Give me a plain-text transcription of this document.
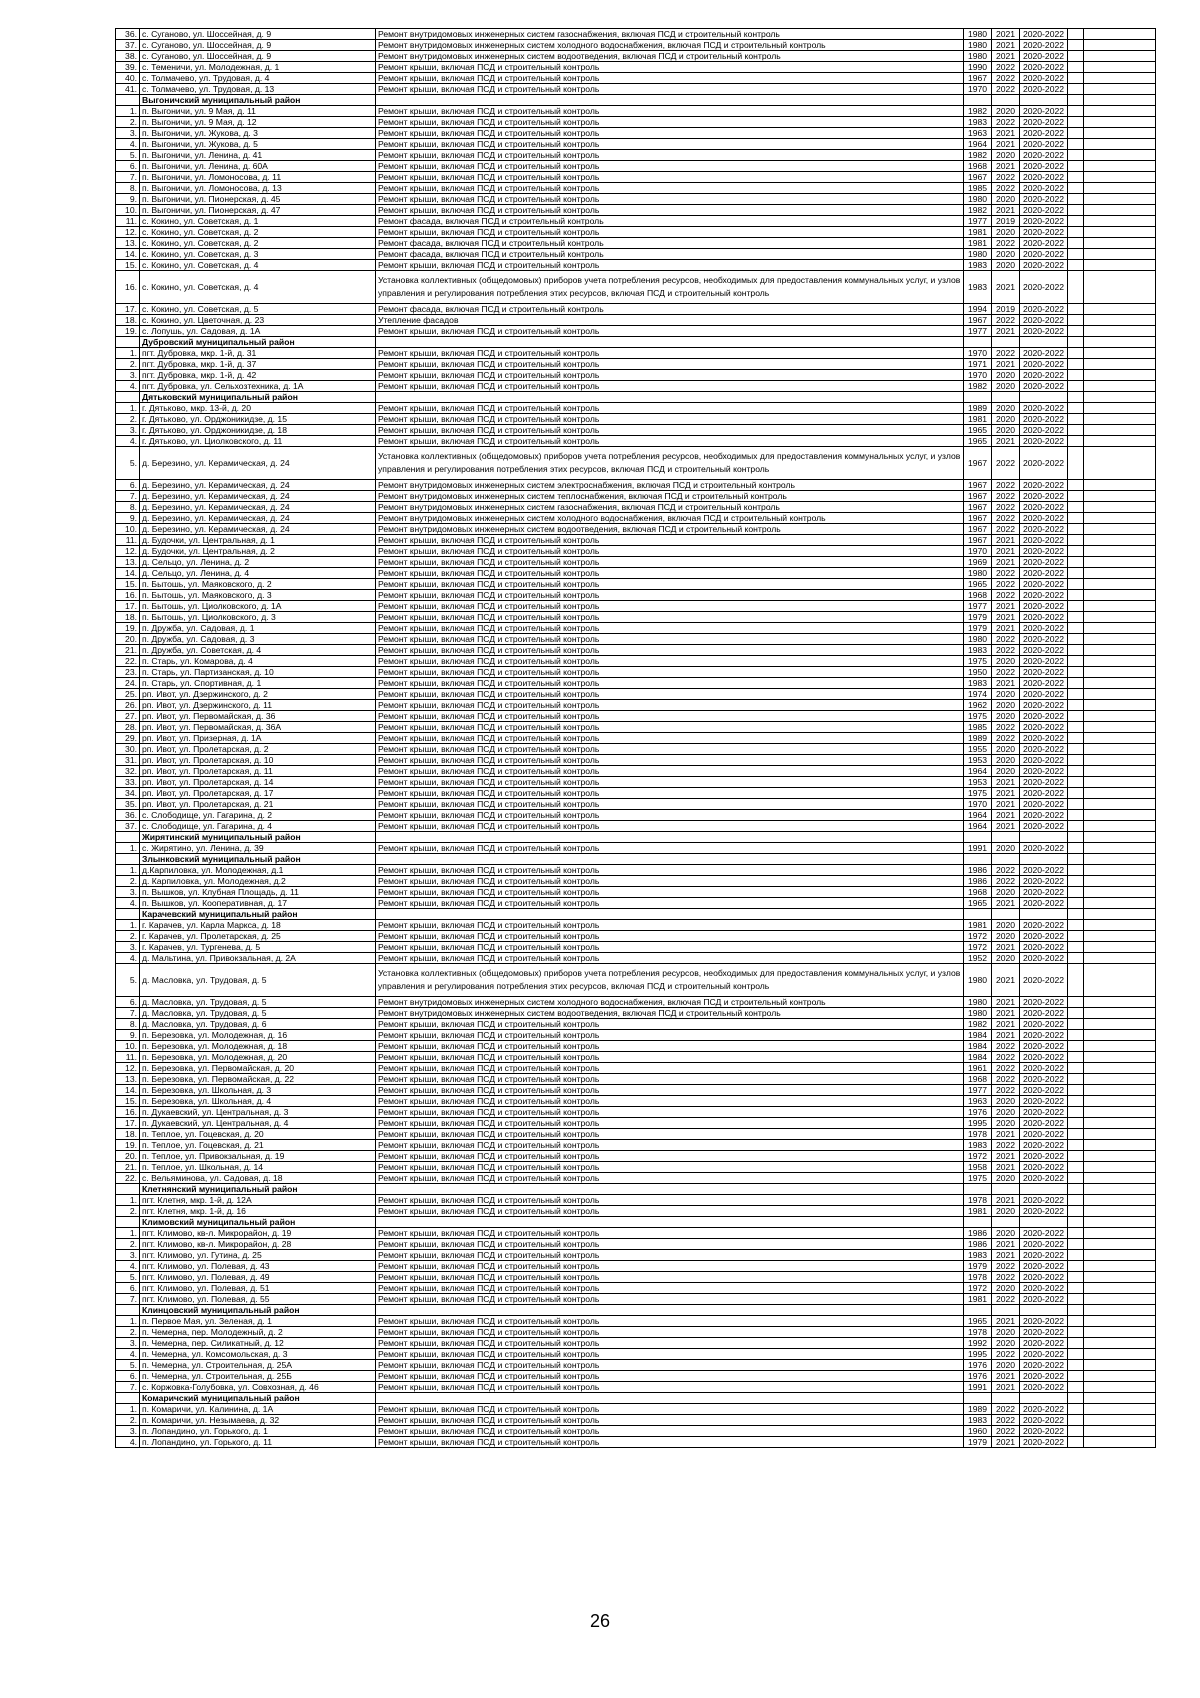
36.	с. Суганово, ул. Шоссейная, д. 9	Ремонт внутридомовых инженерных систем газоснабжения, включая ПСД и строительный контроль	1980	2021	2020-2022		
37.	с. Суганово, ул. Шоссейная, д. 9	Ремонт внутридомовых инженерных систем холодного водоснабжения, включая ПСД и строительный контроль	1980	2021	2020-2022		
38.	с. Суганово, ул. Шоссейная, д. 9	Ремонт внутридомовых инженерных систем водоотведения, включая ПСД и строительный контроль	1980	2021	2020-2022		
39.	с. Теменичи, ул. Молодежная, д. 1	Ремонт крыши, включая ПСД и строительный контроль	1990	2022	2020-2022		
40.	с. Толмачево, ул. Трудовая, д. 4	Ремонт крыши, включая ПСД и строительный контроль	1967	2022	2020-2022		
41.	с. Толмачево, ул. Трудовая, д. 13	Ремонт крыши, включая ПСД и строительный контроль	1970	2022	2020-2022		
	Выгоничский муниципальный район						
1.	п. Выгоничи, ул. 9 Мая, д. 11	Ремонт крыши, включая ПСД и строительный контроль	1982	2020	2020-2022		
2.	п. Выгоничи, ул. 9 Мая, д. 12	Ремонт крыши, включая ПСД и строительный контроль	1983	2022	2020-2022		
3.	п. Выгоничи, ул. Жукова, д. 3	Ремонт крыши, включая ПСД и строительный контроль	1963	2021	2020-2022		
4.	п. Выгоничи, ул. Жукова, д. 5	Ремонт крыши, включая ПСД и строительный контроль	1964	2021	2020-2022		
5.	п. Выгоничи, ул. Ленина, д. 41	Ремонт крыши, включая ПСД и строительный контроль	1982	2020	2020-2022		
6.	п. Выгоничи, ул. Ленина, д. 60А	Ремонт крыши, включая ПСД и строительный контроль	1968	2021	2020-2022		
7.	п. Выгоничи, ул. Ломоносова, д. 11	Ремонт крыши, включая ПСД и строительный контроль	1967	2022	2020-2022		
8.	п. Выгоничи, ул. Ломоносова, д. 13	Ремонт крыши, включая ПСД и строительный контроль	1985	2022	2020-2022		
9.	п. Выгоничи, ул. Пионерская, д. 45	Ремонт крыши, включая ПСД и строительный контроль	1980	2020	2020-2022		
10.	п. Выгоничи, ул. Пионерская, д. 47	Ремонт крыши, включая ПСД и строительный контроль	1982	2021	2020-2022		
11.	с. Кокино, ул. Советская, д. 1	Ремонт фасада, включая ПСД и строительный контроль	1977	2019	2020-2022		
12.	с. Кокино, ул. Советская, д. 2	Ремонт крыши, включая ПСД и строительный контроль	1981	2020	2020-2022		
13.	с. Кокино, ул. Советская, д. 2	Ремонт фасада, включая ПСД и строительный контроль	1981	2022	2020-2022		
14.	с. Кокино, ул. Советская, д. 3	Ремонт фасада, включая ПСД и строительный контроль	1980	2020	2020-2022		
15.	с. Кокино, ул. Советская, д. 4	Ремонт крыши, включая ПСД и строительный контроль	1983	2020	2020-2022		
16.	с. Кокино, ул. Советская, д. 4	Установка коллективных (общедомовых) приборов учета потребления ресурсов, необходимых для предоставления коммунальных услуг, и узлов управления и регулирования потребления этих ресурсов, включая ПСД и строительный контроль	1983	2021	2020-2022		
17.	с. Кокино, ул. Советская, д. 5	Ремонт фасада, включая ПСД и строительный контроль	1994	2019	2020-2022		
18.	с. Кокино, ул. Цветочная, д. 23	Утепление фасадов	1967	2022	2020-2022		
19.	с. Лопушь, ул. Садовая, д. 1А	Ремонт крыши, включая ПСД и строительный контроль	1977	2021	2020-2022		
	Дубровский муниципальный район						
1.	пгт. Дубровка, мкр. 1-й, д. 31	Ремонт крыши, включая ПСД и строительный контроль	1970	2022	2020-2022		
2.	пгт. Дубровка, мкр. 1-й, д. 37	Ремонт крыши, включая ПСД и строительный контроль	1971	2021	2020-2022		
3.	пгт. Дубровка, мкр. 1-й, д. 42	Ремонт крыши, включая ПСД и строительный контроль	1970	2020	2020-2022		
4.	пгт. Дубровка, ул. Сельхозтехника, д. 1А	Ремонт крыши, включая ПСД и строительный контроль	1982	2020	2020-2022		
	Дятьковский муниципальный район						
1.	г. Дятьково, мкр. 13-й, д. 20	Ремонт крыши, включая ПСД и строительный контроль	1989	2020	2020-2022		
2.	г. Дятьково, ул. Орджоникидзе, д. 15	Ремонт крыши, включая ПСД и строительный контроль	1981	2020	2020-2022		
3.	г. Дятьково, ул. Орджоникидзе, д. 18	Ремонт крыши, включая ПСД и строительный контроль	1965	2020	2020-2022		
4.	г. Дятьково, ул. Циолковского, д. 11	Ремонт крыши, включая ПСД и строительный контроль	1965	2021	2020-2022		
5.	д. Березино, ул. Керамическая, д. 24	Установка коллективных (общедомовых) приборов учета потребления ресурсов, необходимых для предоставления коммунальных услуг, и узлов управления и регулирования потребления этих ресурсов, включая ПСД и строительный контроль	1967	2022	2020-2022		
6.	д. Березино, ул. Керамическая, д. 24	Ремонт внутридомовых инженерных систем электроснабжения, включая ПСД и строительный контроль	1967	2022	2020-2022		
7.	д. Березино, ул. Керамическая, д. 24	Ремонт внутридомовых инженерных систем теплоснабжения, включая ПСД и строительный контроль	1967	2022	2020-2022		
8.	д. Березино, ул. Керамическая, д. 24	Ремонт внутридомовых инженерных систем газоснабжения, включая ПСД и строительный контроль	1967	2022	2020-2022		
9.	д. Березино, ул. Керамическая, д. 24	Ремонт внутридомовых инженерных систем холодного водоснабжения, включая ПСД и строительный контроль	1967	2022	2020-2022		
10.	д. Березино, ул. Керамическая, д. 24	Ремонт внутридомовых инженерных систем водоотведения, включая ПСД и строительный контроль	1967	2022	2020-2022		
11.	д. Будочки, ул. Центральная, д. 1	Ремонт крыши, включая ПСД и строительный контроль	1967	2021	2020-2022		
12.	д. Будочки, ул. Центральная, д. 2	Ремонт крыши, включая ПСД и строительный контроль	1970	2021	2020-2022		
13.	д. Сельцо, ул. Ленина, д. 2	Ремонт крыши, включая ПСД и строительный контроль	1969	2021	2020-2022		
14.	д. Сельцо, ул. Ленина, д. 4	Ремонт крыши, включая ПСД и строительный контроль	1980	2022	2020-2022		
15.	п. Бытошь, ул. Маяковского, д. 2	Ремонт крыши, включая ПСД и строительный контроль	1965	2022	2020-2022		
16.	п. Бытошь, ул. Маяковского, д. 3	Ремонт крыши, включая ПСД и строительный контроль	1968	2022	2020-2022		
17.	п. Бытошь, ул. Циолковского, д. 1А	Ремонт крыши, включая ПСД и строительный контроль	1977	2021	2020-2022		
18.	п. Бытошь, ул. Циолковского, д. 3	Ремонт крыши, включая ПСД и строительный контроль	1979	2021	2020-2022		
19.	п. Дружба, ул. Садовая, д. 1	Ремонт крыши, включая ПСД и строительный контроль	1979	2021	2020-2022		
20.	п. Дружба, ул. Садовая, д. 3	Ремонт крыши, включая ПСД и строительный контроль	1980	2022	2020-2022		
21.	п. Дружба, ул. Советская, д. 4	Ремонт крыши, включая ПСД и строительный контроль	1983	2022	2020-2022		
22.	п. Старь, ул. Комарова, д. 4	Ремонт крыши, включая ПСД и строительный контроль	1975	2020	2020-2022		
23.	п. Старь, ул. Партизанская, д. 10	Ремонт крыши, включая ПСД и строительный контроль	1950	2022	2020-2022		
24.	п. Старь, ул. Спортивная, д. 1	Ремонт крыши, включая ПСД и строительный контроль	1983	2021	2020-2022		
25.	рп. Ивот, ул. Дзержинского, д. 2	Ремонт крыши, включая ПСД и строительный контроль	1974	2020	2020-2022		
26.	рп. Ивот, ул. Дзержинского, д. 11	Ремонт крыши, включая ПСД и строительный контроль	1962	2020	2020-2022		
27.	рп. Ивот, ул. Первомайская, д. 36	Ремонт крыши, включая ПСД и строительный контроль	1975	2020	2020-2022		
28.	рп. Ивот, ул. Первомайская, д. 36А	Ремонт крыши, включая ПСД и строительный контроль	1985	2022	2020-2022		
29.	рп. Ивот, ул. Призерная, д. 1А	Ремонт крыши, включая ПСД и строительный контроль	1989	2022	2020-2022		
30.	рп. Ивот, ул. Пролетарская, д. 2	Ремонт крыши, включая ПСД и строительный контроль	1955	2020	2020-2022		
31.	рп. Ивот, ул. Пролетарская, д. 10	Ремонт крыши, включая ПСД и строительный контроль	1953	2020	2020-2022		
32.	рп. Ивот, ул. Пролетарская, д. 11	Ремонт крыши, включая ПСД и строительный контроль	1964	2020	2020-2022		
33.	рп. Ивот, ул. Пролетарская, д. 14	Ремонт крыши, включая ПСД и строительный контроль	1953	2021	2020-2022		
34.	рп. Ивот, ул. Пролетарская, д. 17	Ремонт крыши, включая ПСД и строительный контроль	1975	2021	2020-2022		
35.	рп. Ивот, ул. Пролетарская, д. 21	Ремонт крыши, включая ПСД и строительный контроль	1970	2021	2020-2022		
36.	с. Слободище, ул. Гагарина, д. 2	Ремонт крыши, включая ПСД и строительный контроль	1964	2021	2020-2022		
37.	с. Слободище, ул. Гагарина, д. 4	Ремонт крыши, включая ПСД и строительный контроль	1964	2021	2020-2022		
	Жирятинский муниципальный район						
1.	с. Жирятино, ул. Ленина, д. 39	Ремонт крыши, включая ПСД и строительный контроль	1991	2020	2020-2022		
	Злынковский муниципальный район						
1.	д.Карпиловка, ул. Молодежная, д.1	Ремонт крыши, включая ПСД и строительный контроль	1986	2022	2020-2022		
2.	д. Карпиловка, ул. Молодежная, д.2	Ремонт крыши, включая ПСД и строительный контроль	1986	2022	2020-2022		
3.	п. Вышков, ул. Клубная Площадь, д. 11	Ремонт крыши, включая ПСД и строительный контроль	1968	2020	2020-2022		
4.	п. Вышков, ул. Кооперативная, д. 17	Ремонт крыши, включая ПСД и строительный контроль	1965	2021	2020-2022		
	Карачевский муниципальный район						
1.	г. Карачев, ул. Карла Маркса, д. 18	Ремонт крыши, включая ПСД и строительный контроль	1981	2020	2020-2022		
2.	г. Карачев, ул. Пролетарская, д. 25	Ремонт крыши, включая ПСД и строительный контроль	1972	2020	2020-2022		
3.	г. Карачев, ул. Тургенева, д. 5	Ремонт крыши, включая ПСД и строительный контроль	1972	2021	2020-2022		
4.	д. Мальтина, ул. Привокзальная, д. 2А	Ремонт крыши, включая ПСД и строительный контроль	1952	2020	2020-2022		
5.	д. Масловка, ул. Трудовая, д. 5	Установка коллективных (общедомовых) приборов учета потребления ресурсов, необходимых для предоставления коммунальных услуг, и узлов управления и регулирования потребления этих ресурсов, включая ПСД и строительный контроль	1980	2021	2020-2022		
6.	д. Масловка, ул. Трудовая, д. 5	Ремонт внутридомовых инженерных систем холодного водоснабжения, включая ПСД и строительный контроль	1980	2021	2020-2022		
7.	д. Масловка, ул. Трудовая, д. 5	Ремонт внутридомовых инженерных систем водоотведения, включая ПСД и строительный контроль	1980	2021	2020-2022		
8.	д. Масловка, ул. Трудовая, д. 6	Ремонт крыши, включая ПСД и строительный контроль	1982	2021	2020-2022		
9.	п. Березовка, ул. Молодежная, д. 16	Ремонт крыши, включая ПСД и строительный контроль	1984	2021	2020-2022		
10.	п. Березовка, ул. Молодежная, д. 18	Ремонт крыши, включая ПСД и строительный контроль	1984	2022	2020-2022		
11.	п. Березовка, ул. Молодежная, д. 20	Ремонт крыши, включая ПСД и строительный контроль	1984	2022	2020-2022		
12.	п. Березовка, ул. Первомайская, д. 20	Ремонт крыши, включая ПСД и строительный контроль	1961	2022	2020-2022		
13.	п. Березовка, ул. Первомайская, д. 22	Ремонт крыши, включая ПСД и строительный контроль	1968	2022	2020-2022		
14.	п. Березовка, ул. Школьная, д. 3	Ремонт крыши, включая ПСД и строительный контроль	1977	2022	2020-2022		
15.	п. Березовка, ул. Школьная, д. 4	Ремонт крыши, включая ПСД и строительный контроль	1963	2020	2020-2022		
16.	п. Дукаевский, ул. Центральная, д. 3	Ремонт крыши, включая ПСД и строительный контроль	1976	2020	2020-2022		
17.	п. Дукаевский, ул. Центральная, д. 4	Ремонт крыши, включая ПСД и строительный контроль	1995	2020	2020-2022		
18.	п. Теплое, ул. Гоцевская, д. 20	Ремонт крыши, включая ПСД и строительный контроль	1978	2021	2020-2022		
19.	п. Теплое, ул. Гоцевская, д. 21	Ремонт крыши, включая ПСД и строительный контроль	1983	2022	2020-2022		
20.	п. Теплое, ул. Привокзальная, д. 19	Ремонт крыши, включая ПСД и строительный контроль	1972	2021	2020-2022		
21.	п. Теплое, ул. Школьная, д. 14	Ремонт крыши, включая ПСД и строительный контроль	1958	2021	2020-2022		
22.	с. Вельяминова, ул. Садовая, д. 18	Ремонт крыши, включая ПСД и строительный контроль	1975	2020	2020-2022		
	Клетнянский муниципальный район						
1.	пгт. Клетня, мкр. 1-й, д. 12А	Ремонт крыши, включая ПСД и строительный контроль	1978	2021	2020-2022		
2.	пгт. Клетня, мкр. 1-й, д. 16	Ремонт крыши, включая ПСД и строительный контроль	1981	2020	2020-2022		
	Климовский муниципальный район						
1.	пгт. Климово, кв-л. Микрорайон, д. 19	Ремонт крыши, включая ПСД и строительный контроль	1986	2020	2020-2022		
2.	пгт. Климово, кв-л. Микрорайон, д. 28	Ремонт крыши, включая ПСД и строительный контроль	1986	2021	2020-2022		
3.	пгт. Климово, ул. Гутина, д. 25	Ремонт крыши, включая ПСД и строительный контроль	1983	2021	2020-2022		
4.	пгт. Климово, ул. Полевая, д. 43	Ремонт крыши, включая ПСД и строительный контроль	1979	2022	2020-2022		
5.	пгт. Климово, ул. Полевая, д. 49	Ремонт крыши, включая ПСД и строительный контроль	1978	2022	2020-2022		
6.	пгт. Климово, ул. Полевая, д. 51	Ремонт крыши, включая ПСД и строительный контроль	1972	2020	2020-2022		
7.	пгт. Климово, ул. Полевая, д. 55	Ремонт крыши, включая ПСД и строительный контроль	1981	2022	2020-2022		
	Клинцовский муниципальный район						
1.	п. Первое Мая, ул. Зеленая, д. 1	Ремонт крыши, включая ПСД и строительный контроль	1965	2021	2020-2022		
2.	п. Чемерна, пер. Молодежный, д. 2	Ремонт крыши, включая ПСД и строительный контроль	1978	2020	2020-2022		
3.	п. Чемерна, пер. Силикатный, д. 12	Ремонт крыши, включая ПСД и строительный контроль	1992	2020	2020-2022		
4.	п. Чемерна, ул. Комсомольская, д. 3	Ремонт крыши, включая ПСД и строительный контроль	1995	2022	2020-2022		
5.	п. Чемерна, ул. Строительная, д. 25А	Ремонт крыши, включая ПСД и строительный контроль	1976	2020	2020-2022		
6.	п. Чемерна, ул. Строительная, д. 25Б	Ремонт крыши, включая ПСД и строительный контроль	1976	2021	2020-2022		
7.	с. Коржовка-Голубовка, ул. Совхозная, д. 46	Ремонт крыши, включая ПСД и строительный контроль	1991	2021	2020-2022		
	Комаричский муниципальный район						
1.	п. Комаричи, ул. Калинина, д. 1А	Ремонт крыши, включая ПСД и строительный контроль	1989	2022	2020-2022		
2.	п. Комаричи, ул. Незымаева, д. 32	Ремонт крыши, включая ПСД и строительный контроль	1983	2022	2020-2022		
3.	п. Лопандино, ул. Горького, д. 1	Ремонт крыши, включая ПСД и строительный контроль	1960	2022	2020-2022		
4.	п. Лопандино, ул. Горького, д. 11	Ремонт крыши, включая ПСД и строительный контроль	1979	2021	2020-2022		
26
